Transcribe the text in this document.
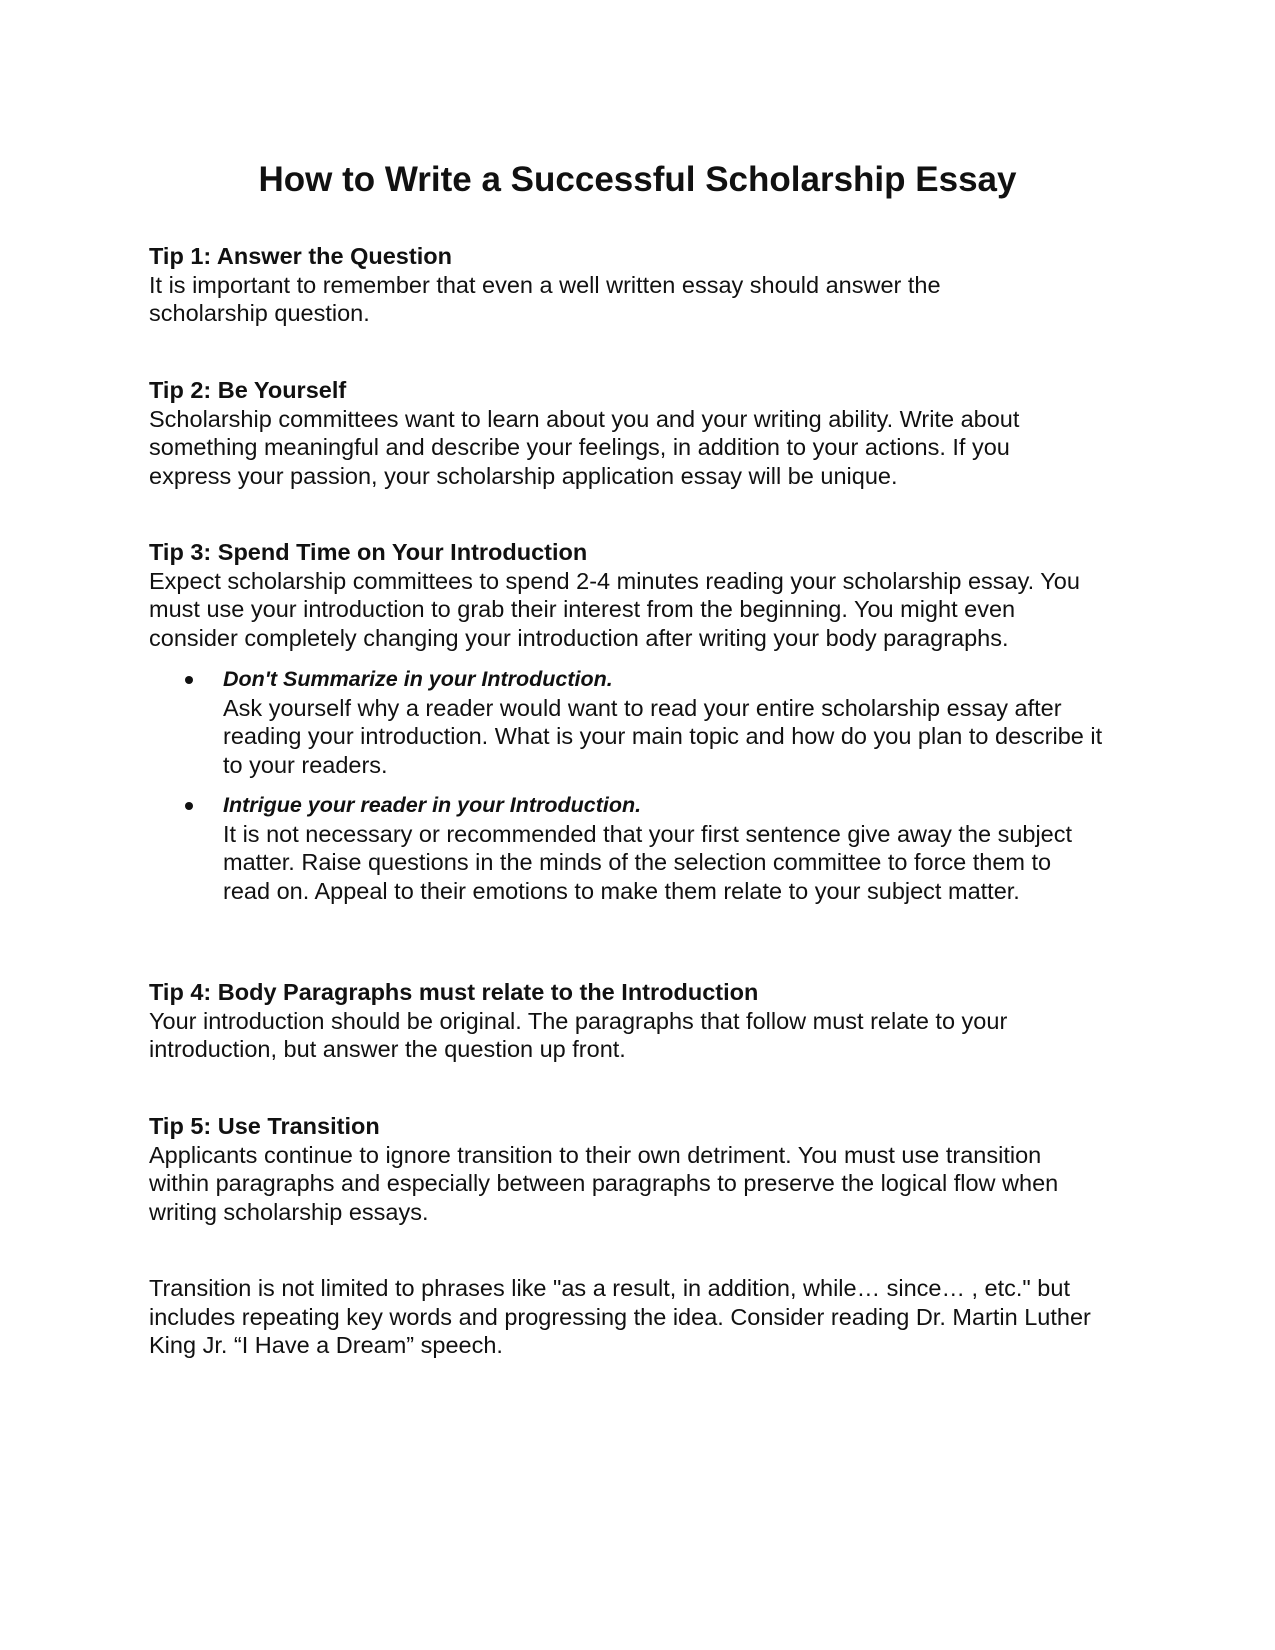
How to Write a Successful Scholarship Essay
Tip 1: Answer the Question

It is important to remember that even a well written essay should answer the scholarship question.

Tip 2: Be Yourself

Scholarship committees want to learn about you and your writing ability. Write about something meaningful and describe your feelings, in addition to your actions. If you express your passion, your scholarship application essay will be unique.

Tip 3: Spend Time on Your Introduction

Expect scholarship committees to spend 2-4 minutes reading your scholarship essay. You must use your introduction to grab their interest from the beginning. You might even consider completely changing your introduction after writing your body paragraphs.

Don't Summarize in your Introduction.

Ask yourself why a reader would want to read your entire scholarship essay after reading your introduction. What is your main topic and how do you plan to describe it to your readers.

Intrigue your reader in your Introduction.

It is not necessary or recommended that your first sentence give away the subject matter. Raise questions in the minds of the selection committee to force them to read on. Appeal to their emotions to make them relate to your subject matter.

Tip 4: Body Paragraphs must relate to the Introduction

Your introduction should be original. The paragraphs that follow must relate to your introduction, but answer the question up front.

Tip 5: Use Transition

Applicants continue to ignore transition to their own detriment. You must use transition within paragraphs and especially between paragraphs to preserve the logical flow when writing scholarship essays.

Transition is not limited to phrases like "as a result, in addition, while… since… , etc." but includes repeating key words and progressing the idea. Consider reading Dr. Martin Luther King Jr. “I Have a Dream” speech.
